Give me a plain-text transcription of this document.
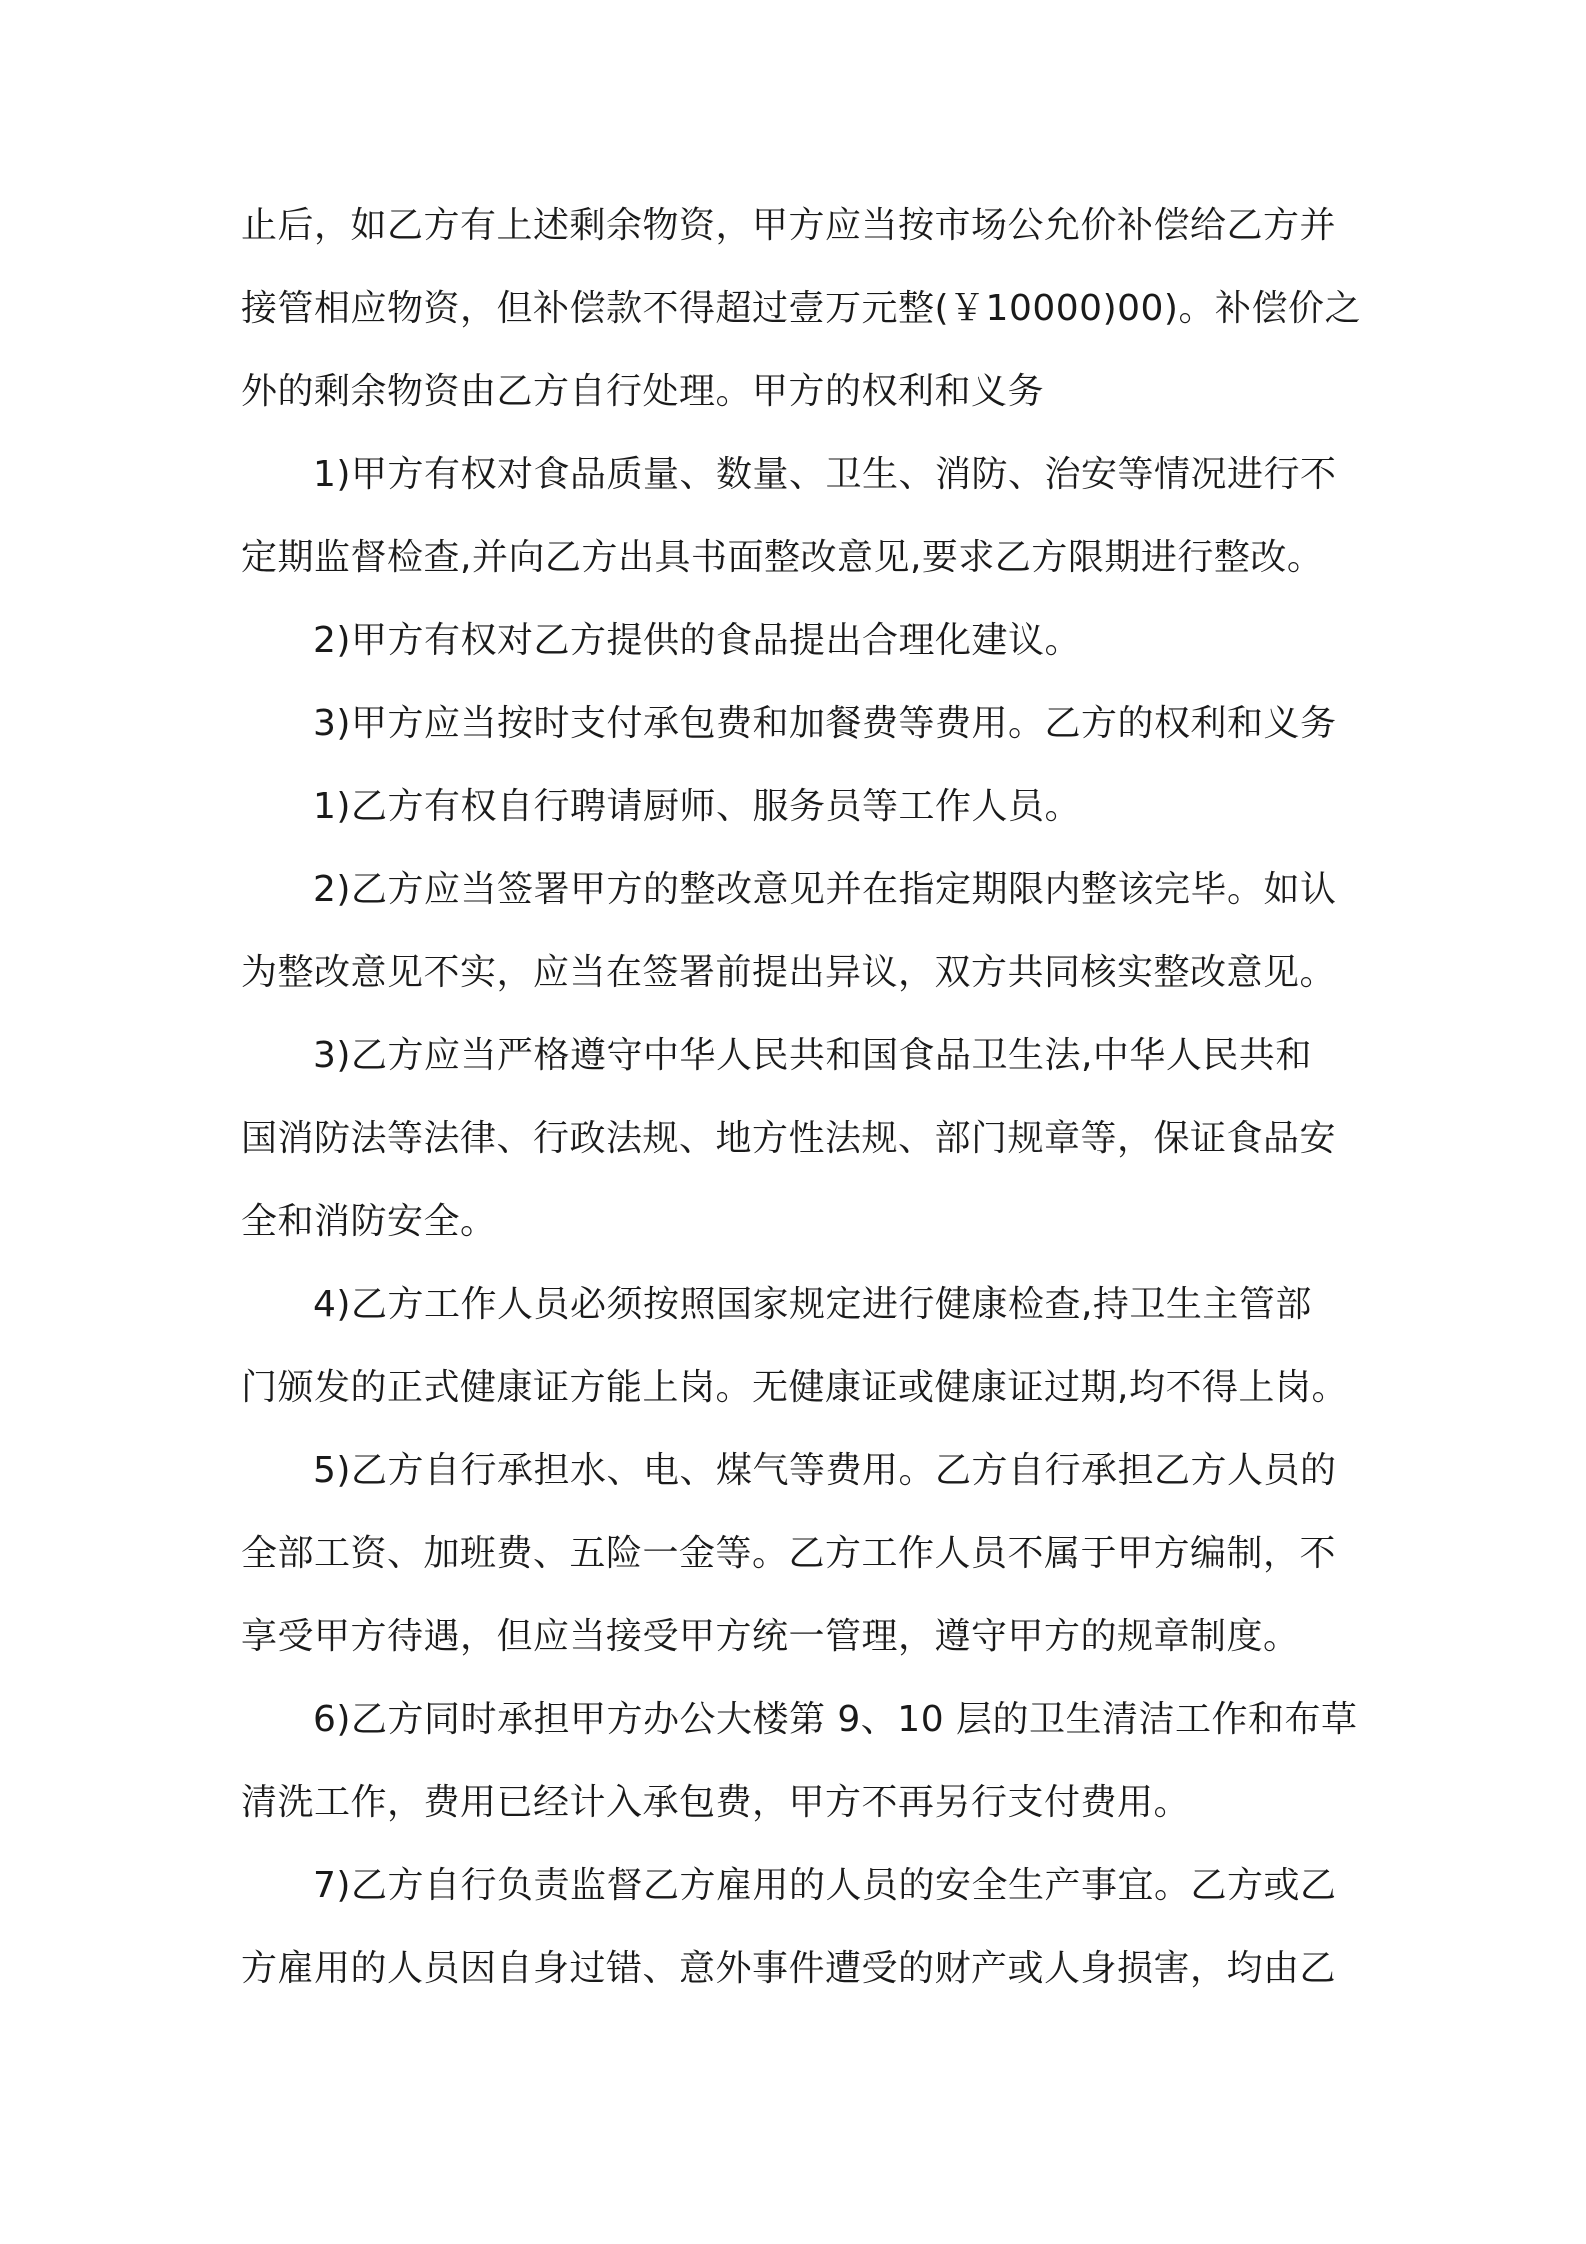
止后，如乙方有上述剩余物资，甲方应当按市场公允价补偿给乙方并
接管相应物资，但补偿款不得超过壹万元整(￥10000)00)。补偿价之
外的剩余物资由乙方自行处理。甲方的权利和义务
1)甲方有权对食品质量、数量、卫生、消防、治安等情况进行不
定期监督检查,并向乙方出具书面整改意见,要求乙方限期进行整改。
2)甲方有权对乙方提供的食品提出合理化建议。
3)甲方应当按时支付承包费和加餐费等费用。乙方的权利和义务
1)乙方有权自行聘请厨师、服务员等工作人员。
2)乙方应当签署甲方的整改意见并在指定期限内整该完毕。如认
为整改意见不实，应当在签署前提出异议，双方共同核实整改意见。
3)乙方应当严格遵守中华人民共和国食品卫生法,中华人民共和
国消防法等法律、行政法规、地方性法规、部门规章等，保证食品安
全和消防安全。
4)乙方工作人员必须按照国家规定进行健康检查,持卫生主管部
门颁发的正式健康证方能上岗。无健康证或健康证过期,均不得上岗。
5)乙方自行承担水、电、煤气等费用。乙方自行承担乙方人员的
全部工资、加班费、五险一金等。乙方工作人员不属于甲方编制，不
享受甲方待遇，但应当接受甲方统一管理，遵守甲方的规章制度。
6)乙方同时承担甲方办公大楼第 9、10 层的卫生清洁工作和布草
清洗工作，费用已经计入承包费，甲方不再另行支付费用。
7)乙方自行负责监督乙方雇用的人员的安全生产事宜。乙方或乙
方雇用的人员因自身过错、意外事件遭受的财产或人身损害，均由乙
